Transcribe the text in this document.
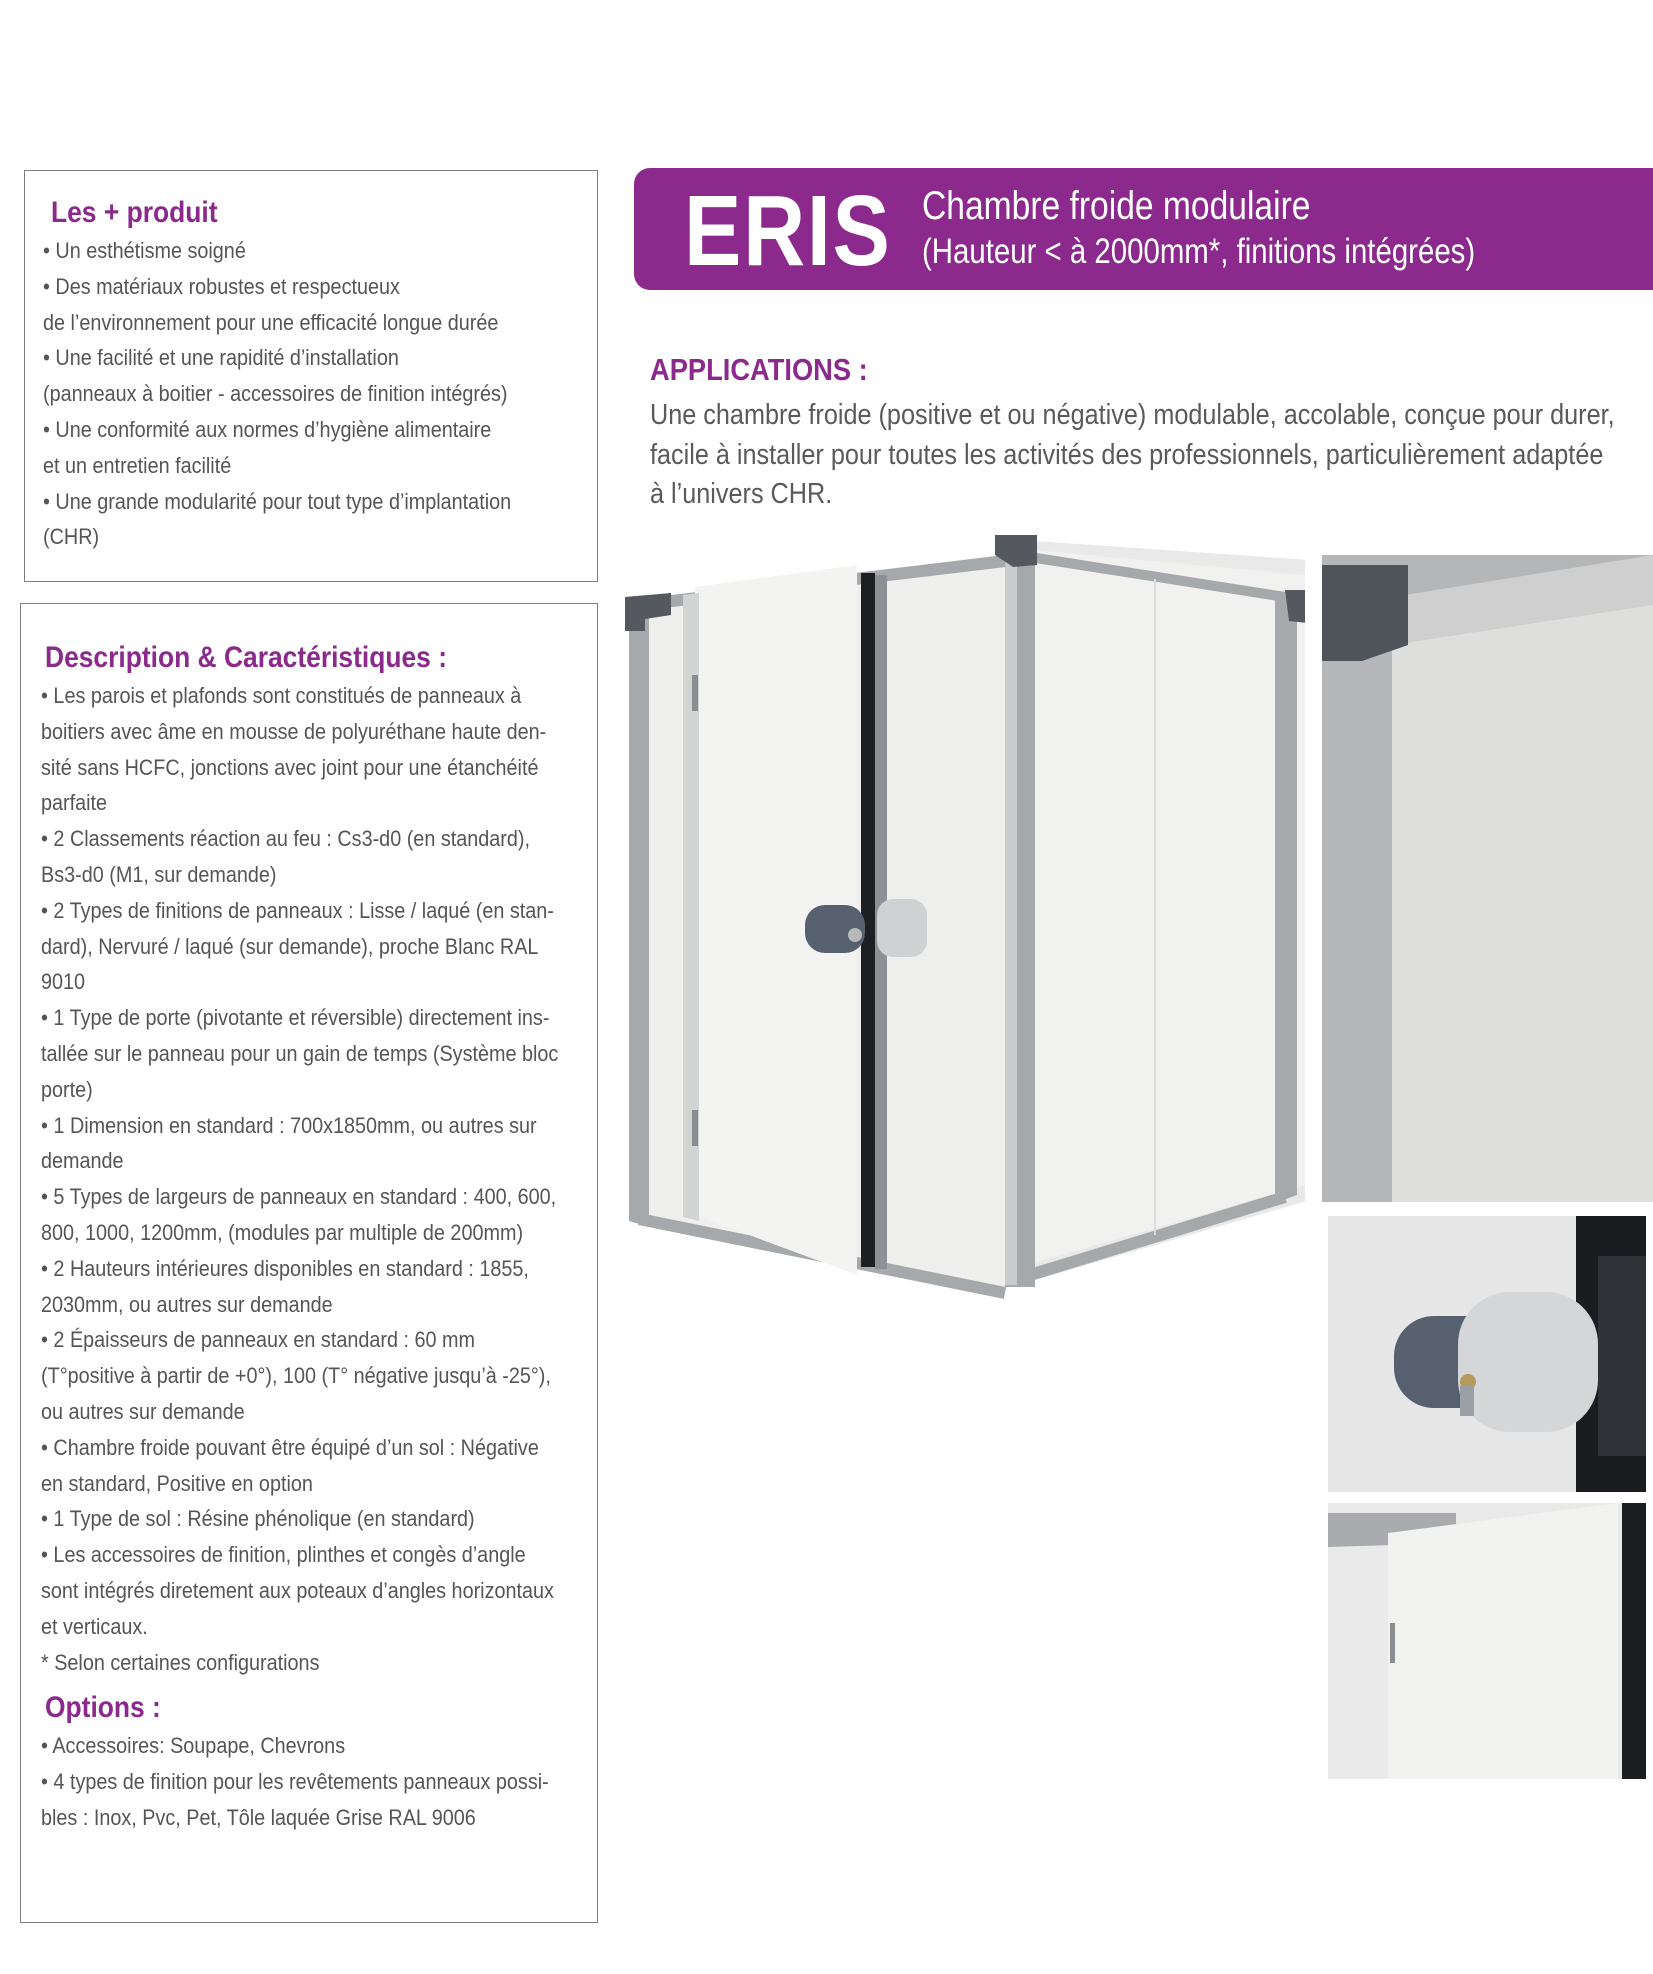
Les + produit
• Un esthétisme soigné
• Des matériaux robustes et respectueux
de l’environnement pour une efficacité longue durée
• Une facilité et une rapidité d’installation
(panneaux à boitier - accessoires de finition intégrés)
• Une conformité aux normes d’hygiène alimentaire
et un entretien facilité
• Une grande modularité pour tout type d’implantation
(CHR)
Description & Caractéristiques :
• Les parois et plafonds sont constitués de panneaux à
boitiers avec âme en mousse de polyuréthane haute den-
sité sans HCFC, jonctions avec joint pour une étanchéité
parfaite
• 2 Classements réaction au feu : Cs3-d0 (en standard),
Bs3-d0 (M1, sur demande)
• 2 Types de finitions de panneaux : Lisse / laqué (en stan-
dard), Nervuré / laqué (sur demande), proche Blanc RAL
9010
• 1 Type de porte (pivotante et réversible) directement ins-
tallée sur le panneau pour un gain de temps (Système bloc
porte)
• 1 Dimension en standard : 700x1850mm, ou autres sur
demande
• 5 Types de largeurs de panneaux en standard : 400, 600,
800, 1000, 1200mm, (modules par multiple de 200mm)
• 2 Hauteurs intérieures disponibles en standard : 1855,
2030mm, ou autres sur demande
• 2 Épaisseurs de panneaux en standard : 60 mm
(T°positive à partir de +0°), 100 (T° négative jusqu’à -25°),
ou autres sur demande
• Chambre froide pouvant être équipé d’un sol : Négative
en standard, Positive en option
• 1 Type de sol : Résine phénolique (en standard)
• Les accessoires de finition, plinthes et congès d’angle
sont intégrés diretement aux poteaux d’angles horizontaux
et verticaux.
* Selon certaines configurations
Options :
• Accessoires: Soupape, Chevrons
• 4 types de finition pour les revêtements panneaux possi-
bles : Inox, Pvc, Pet, Tôle laquée Grise RAL 9006
ERIS Chambre froide modulaire
(Hauteur < à 2000mm*, finitions intégrées)
APPLICATIONS :
Une chambre froide (positive et ou négative) modulable, accolable, conçue pour durer,
facile à installer pour toutes les activités des professionnels, particulièrement adaptée
à l’univers CHR.
